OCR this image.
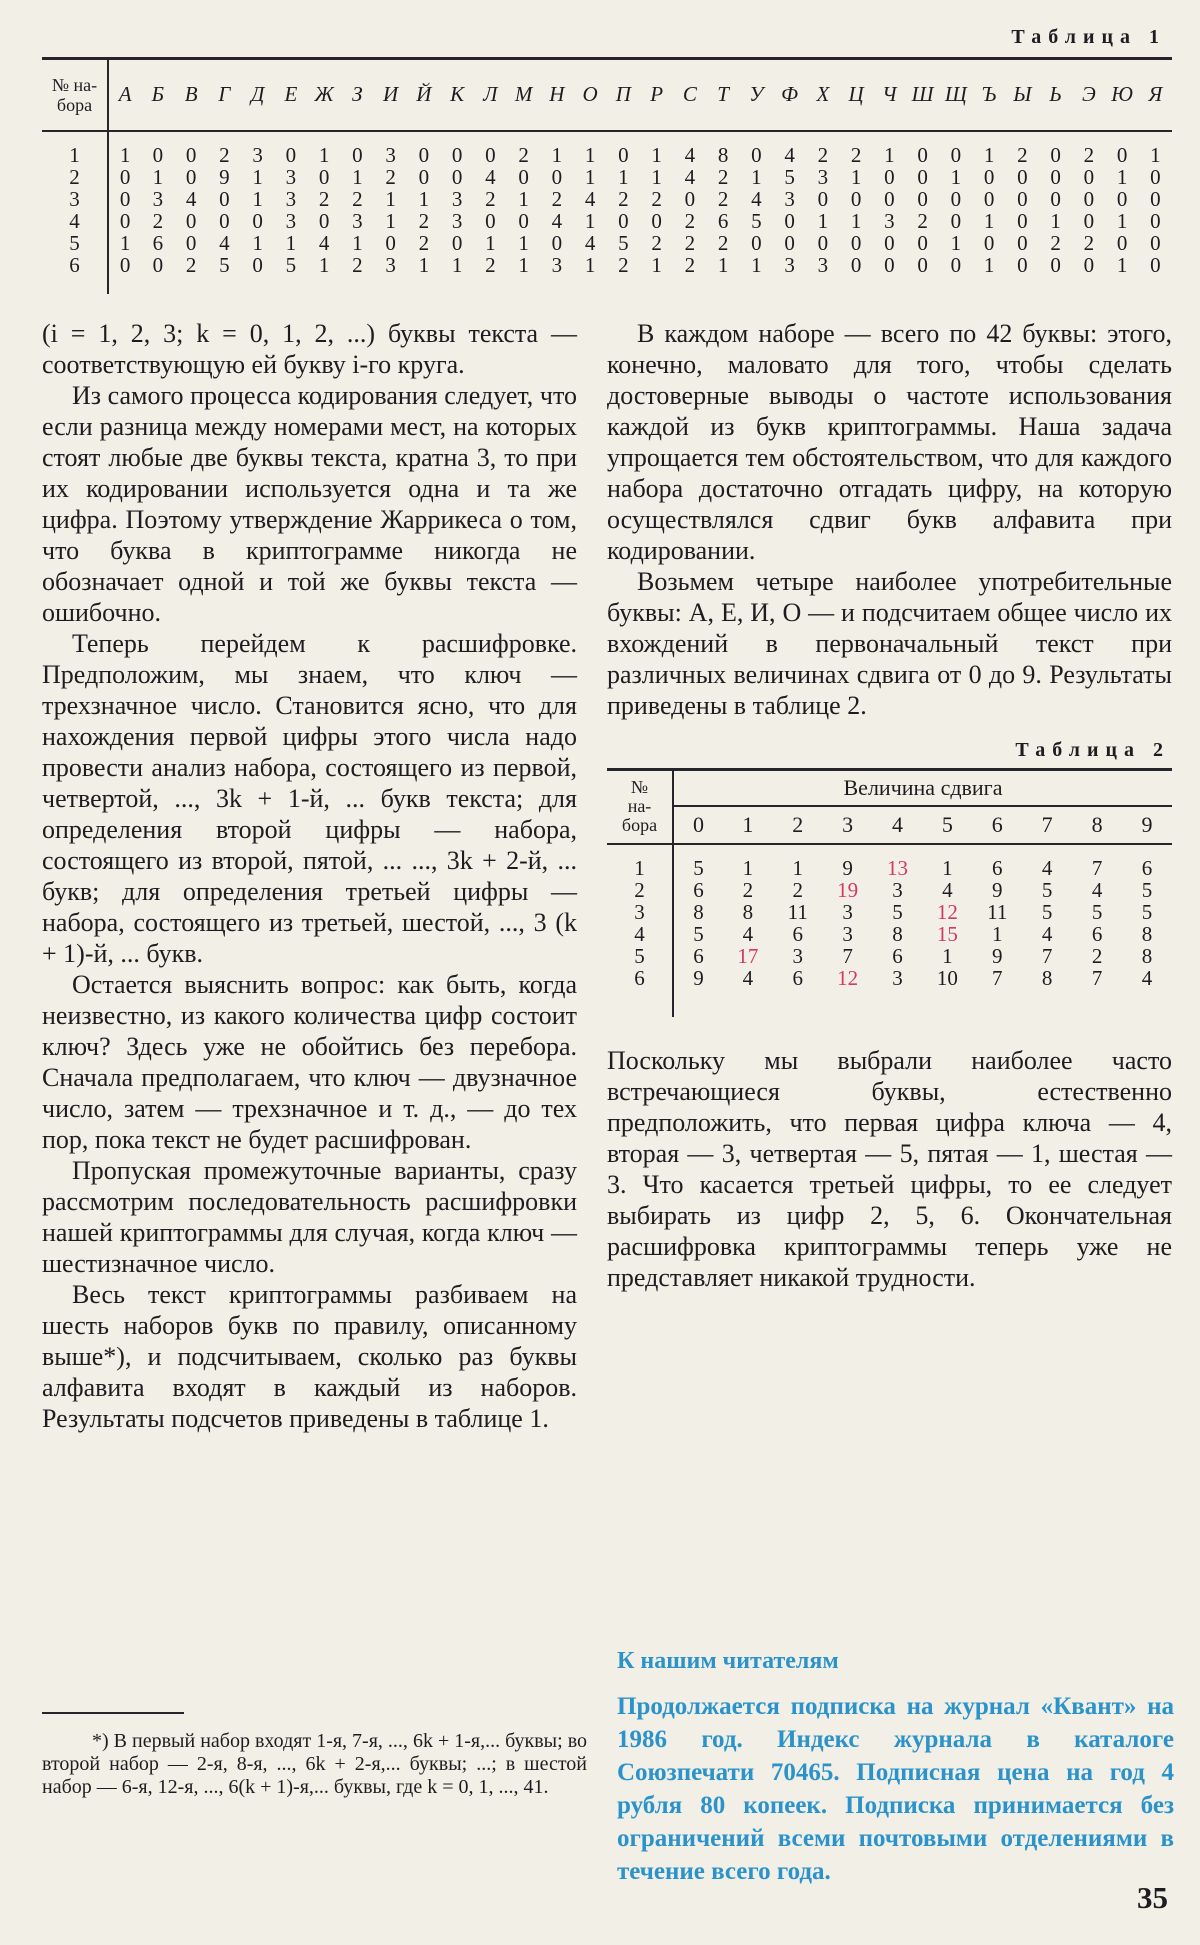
Таблица 1
№ на-
бора	А	Б	В	Г	Д	Е	Ж	З	И	Й	К	Л	М	Н	О	П	Р	С	Т	У	Ф	Х	Ц	Ч	Ш	Щ	Ъ	Ы	Ь	Э	Ю	Я
1	1	0	0	2	3	0	1	0	3	0	0	0	2	1	1	0	1	4	8	0	4	2	2	1	0	0	1	2	0	2	0	1
2	0	1	0	9	1	3	0	1	2	0	0	4	0	0	1	1	1	4	2	1	5	3	1	0	0	1	0	0	0	0	1	0
3	0	3	4	0	1	3	2	2	1	1	3	2	1	2	4	2	2	0	2	4	3	0	0	0	0	0	0	0	0	0	0	0
4	0	2	0	0	0	3	0	3	1	2	3	0	0	4	1	0	0	2	6	5	0	1	1	3	2	0	1	0	1	0	1	0
5	1	6	0	4	1	1	4	1	0	2	0	1	1	0	4	5	2	2	2	0	0	0	0	0	0	1	0	0	2	2	0	0
6	0	0	2	5	0	5	1	2	3	1	1	2	1	3	1	2	1	2	1	1	3	3	0	0	0	0	1	0	0	0	1	0

(i = 1, 2, 3; k = 0, 1, 2, ...) буквы текста — соответствующую ей букву i-го круга.

Из самого процесса кодирования следует, что если разница между номерами мест, на которых стоят любые две буквы текста, кратна 3, то при их кодировании используется одна и та же цифра. Поэтому утверждение Жаррикеса о том, что буква в криптограмме никогда не обозначает одной и той же буквы текста — ошибочно.

Теперь перейдем к расшифровке. Предположим, мы знаем, что ключ — трехзначное число. Становится ясно, что для нахождения первой цифры этого числа надо провести анализ набора, состоящего из первой, четвертой, ..., 3k + 1-й, ... букв текста; для определения второй цифры — набора, состоящего из второй, пятой, ... ..., 3k + 2-й, ... букв; для определения третьей цифры — набора, состоящего из третьей, шестой, ..., 3 (k + 1)-й, ... букв.

Остается выяснить вопрос: как быть, когда неизвестно, из какого количества цифр состоит ключ? Здесь уже не обойтись без перебора. Сначала предполагаем, что ключ — двузначное число, затем — трехзначное и т. д., — до тех пор, пока текст не будет расшифрован.

Пропуская промежуточные варианты, сразу рассмотрим последовательность расшифровки нашей криптограммы для случая, когда ключ — шестизначное число.

Весь текст криптограммы разбиваем на шесть наборов букв по правилу, описанному выше*), и подсчитываем, сколько раз буквы алфавита входят в каждый из наборов. Результаты подсчетов приведены в таблице 1.

В каждом наборе — всего по 42 буквы: этого, конечно, маловато для того, чтобы сделать достоверные выводы о частоте использования каждой из букв криптограммы. Наша задача упрощается тем обстоятельством, что для каждого набора достаточно отгадать цифру, на которую осуществлялся сдвиг букв алфавита при кодировании.

Возьмем четыре наиболее употребительные буквы: А, Е, И, О — и подсчитаем общее число их вхождений в первоначальный текст при различных величинах сдвига от 0 до 9. Результаты приведены в таблице 2.

Таблица 2
№
на-
бора	Величина сдвига									
	0	1	2	3	4	5	6	7	8	9
1	5	1	1	9	13	1	6	4	7	6
2	6	2	2	19	3	4	9	5	4	5
3	8	8	11	3	5	12	11	5	5	5
4	5	4	6	3	8	15	1	4	6	8
5	6	17	3	7	6	1	9	7	2	8
6	9	4	6	12	3	10	7	8	7	4

Поскольку мы выбрали наиболее часто встречающиеся буквы, естественно предположить, что первая цифра ключа — 4, вторая — 3, четвертая — 5, пятая — 1, шестая — 3. Что касается третьей цифры, то ее следует выбирать из цифр 2, 5, 6. Окончательная расшифровка криптограммы теперь уже не представляет никакой трудности.

*) В первый набор входят 1-я, 7-я, ..., 6k + 1-я,... буквы; во второй набор — 2-я, 8-я, ..., 6k + 2-я,... буквы; ...; в шестой набор — 6-я, 12-я, ..., 6(k + 1)-я,... буквы, где k = 0, 1, ..., 41.

К нашим читателям

Продолжается подписка на журнал «Квант» на 1986 год. Индекс журнала в каталоге Союзпечати 70465. Подписная цена на год 4 рубля 80 копеек. Подписка принимается без ограничений всеми почтовыми отделениями в течение всего года.

35
